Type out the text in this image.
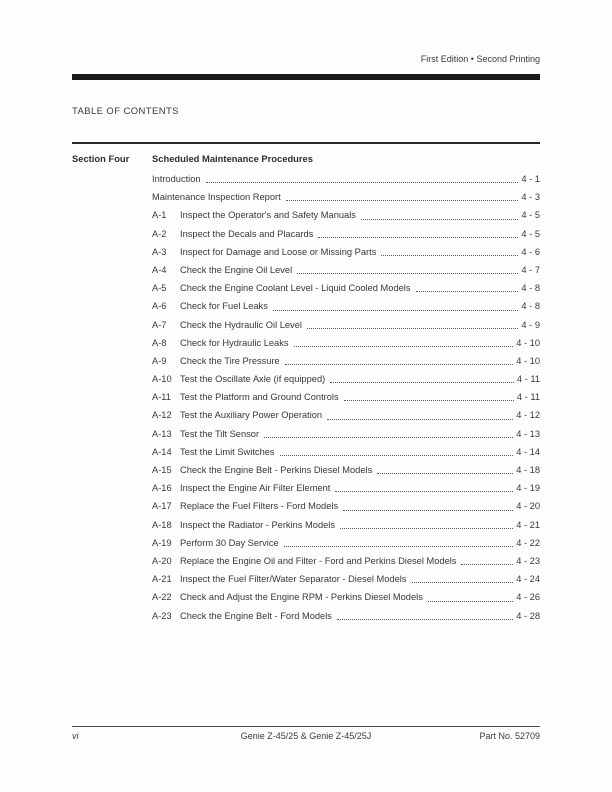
First Edition • Second Printing
TABLE OF CONTENTS
Section Four	Scheduled Maintenance Procedures
Introduction	4 - 1
Maintenance Inspection Report	4 - 3
A-1	Inspect the Operator's and Safety Manuals	4 - 5
A-2	Inspect the Decals and Placards	4 - 5
A-3	Inspect for Damage and Loose or Missing Parts	4 - 6
A-4	Check the Engine Oil Level	4 - 7
A-5	Check the Engine Coolant Level - Liquid Cooled Models	4 - 8
A-6	Check for Fuel Leaks	4 - 8
A-7	Check the Hydraulic Oil Level	4 - 9
A-8	Check for Hydraulic Leaks	4 - 10
A-9	Check the Tire Pressure	4 - 10
A-10 Test the Oscillate Axle (if equipped)	4 - 11
A-11 Test the Platform and Ground Controls	4 - 11
A-12 Test the Auxiliary Power Operation	4 - 12
A-13 Test the Tilt Sensor	4 - 13
A-14 Test the Limit Switches	4 - 14
A-15 Check the Engine Belt - Perkins Diesel Models	4 - 18
A-16 Inspect the Engine Air Filter Element	4 - 19
A-17 Replace the Fuel Filters - Ford Models	4 - 20
A-18 Inspect the Radiator - Perkins Models	4 - 21
A-19 Perform 30 Day Service	4 - 22
A-20 Replace the Engine Oil and Filter - Ford and Perkins Diesel Models	4 - 23
A-21 Inspect the Fuel Filter/Water Separator - Diesel Models	4 - 24
A-22 Check and Adjust the Engine RPM - Perkins Diesel Models	4 - 26
A-23 Check the Engine Belt - Ford Models	4 - 28
vi	Genie Z-45/25 & Genie Z-45/25J	Part No. 52709
